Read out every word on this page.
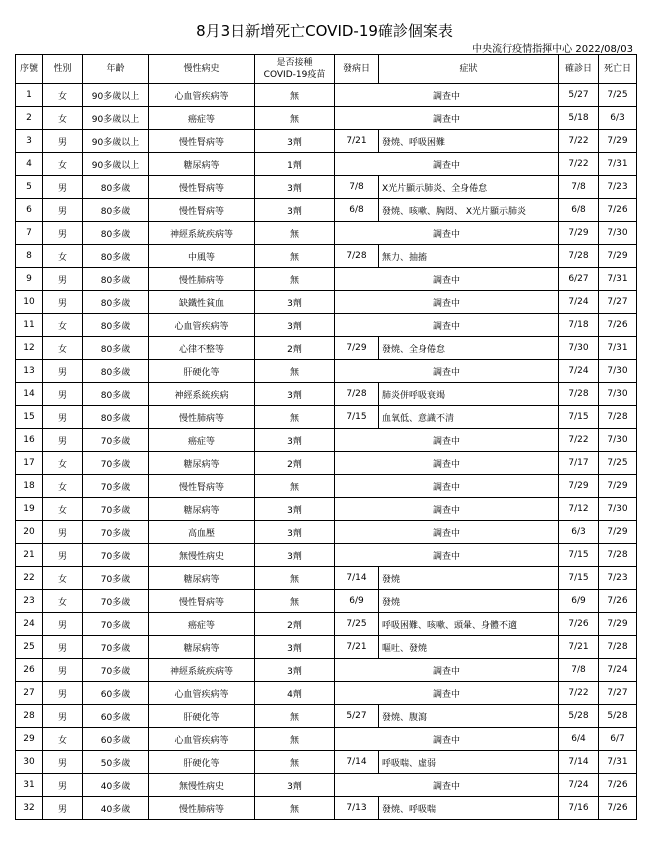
8月3日新增死亡COVID-19確診個案表
中央流行疫情指揮中心 2022/08/03
序號	性別	年齡	慢性病史	是否接種
COVID-19疫苗	發病日	症狀	確診日	死亡日
1	女	90多歲以上	心血管疾病等	無	調查中		5/27	7/25
2	女	90多歲以上	癌症等	無	調查中		5/18	6/3
3	男	90多歲以上	慢性腎病等	3劑	7/21	發燒、呼吸困難	7/22	7/29
4	女	90多歲以上	糖尿病等	1劑	調查中		7/22	7/31
5	男	80多歲	慢性腎病等	3劑	7/8	X光片顯示肺炎、全身倦怠	7/8	7/23
6	男	80多歲	慢性腎病等	3劑	6/8	發燒、咳嗽、胸悶、 X光片顯示肺炎	6/8	7/26
7	男	80多歲	神經系統疾病等	無	調查中		7/29	7/30
8	女	80多歲	中風等	無	7/28	無力、抽搐	7/28	7/29
9	男	80多歲	慢性肺病等	無	調查中		6/27	7/31
10	男	80多歲	缺鐵性貧血	3劑	調查中		7/24	7/27
11	女	80多歲	心血管疾病等	3劑	調查中		7/18	7/26
12	女	80多歲	心律不整等	2劑	7/29	發燒、全身倦怠	7/30	7/31
13	男	80多歲	肝硬化等	無	調查中		7/24	7/30
14	男	80多歲	神經系統疾病	3劑	7/28	肺炎併呼吸衰竭	7/28	7/30
15	男	80多歲	慢性肺病等	無	7/15	血氧低、意識不清	7/15	7/28
16	男	70多歲	癌症等	3劑	調查中		7/22	7/30
17	女	70多歲	糖尿病等	2劑	調查中		7/17	7/25
18	女	70多歲	慢性腎病等	無	調查中		7/29	7/29
19	女	70多歲	糖尿病等	3劑	調查中		7/12	7/30
20	男	70多歲	高血壓	3劑	調查中		6/3	7/29
21	男	70多歲	無慢性病史	3劑	調查中		7/15	7/28
22	女	70多歲	糖尿病等	無	7/14	發燒	7/15	7/23
23	女	70多歲	慢性腎病等	無	6/9	發燒	6/9	7/26
24	男	70多歲	癌症等	2劑	7/25	呼吸困難、咳嗽、頭暈、身體不適	7/26	7/29
25	男	70多歲	糖尿病等	3劑	7/21	嘔吐、發燒	7/21	7/28
26	男	70多歲	神經系統疾病等	3劑	調查中		7/8	7/24
27	男	60多歲	心血管疾病等	4劑	調查中		7/22	7/27
28	男	60多歲	肝硬化等	無	5/27	發燒、腹瀉	5/28	5/28
29	女	60多歲	心血管疾病等	無	調查中		6/4	6/7
30	男	50多歲	肝硬化等	無	7/14	呼吸喘、虛弱	7/14	7/31
31	男	40多歲	無慢性病史	3劑	調查中		7/24	7/26
32	男	40多歲	慢性肺病等	無	7/13	發燒、呼吸喘	7/16	7/26
